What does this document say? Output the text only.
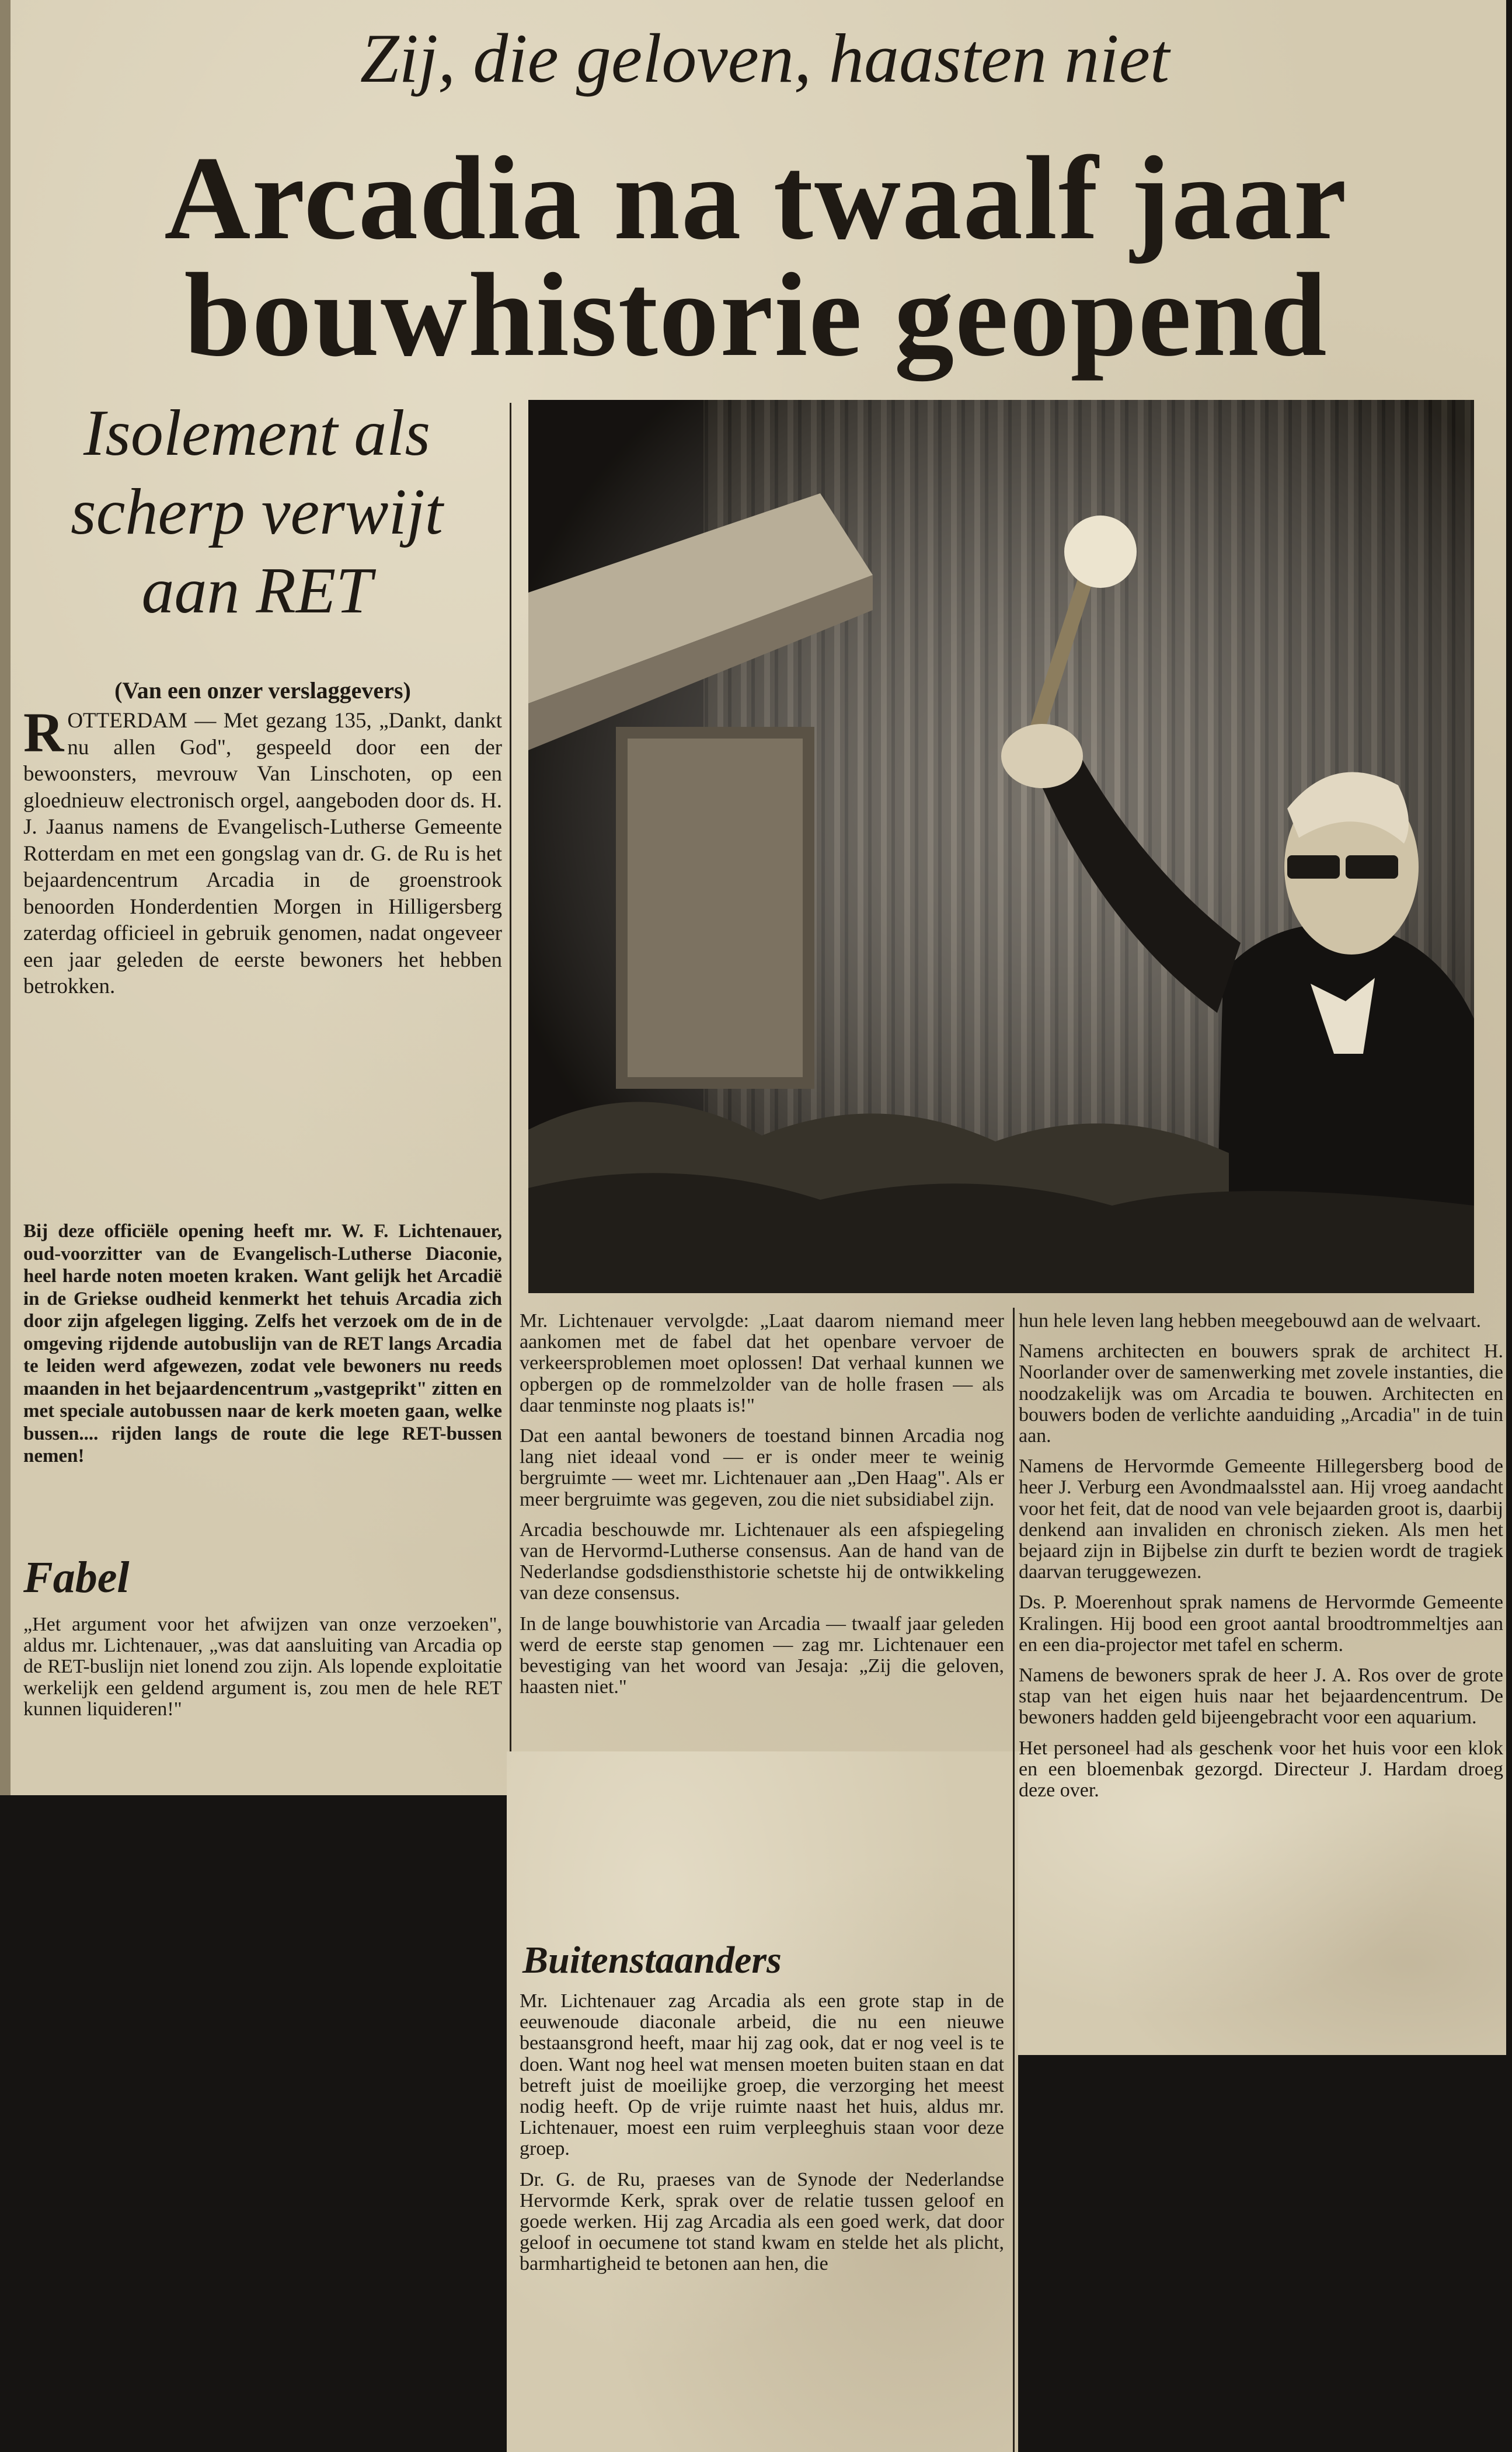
Zij, die geloven, haasten niet
Arcadia na twaalf jaar
bouwhistorie geopend
Isolement als
scherp verwijt
aan RET
(Van een onzer verslaggevers)
ROTTERDAM — Met gezang 135, „Dankt, dankt nu allen God", gespeeld door een der bewoonsters, mevrouw Van Linschoten, op een gloednieuw electronisch orgel, aangeboden door ds. H. J. Jaanus namens de Evangelisch-Lutherse Gemeente Rotterdam en met een gongslag van dr. G. de Ru is het bejaardencentrum Arcadia in de groenstrook benoorden Honderdentien Morgen in Hilligersberg zaterdag officieel in gebruik genomen, nadat ongeveer een jaar geleden de eerste bewoners het hebben betrokken.
Bij deze officiële opening heeft mr. W. F. Lichtenauer, oud-voorzitter van de Evangelisch-Lutherse Diaconie, heel harde noten moeten kraken. Want gelijk het Arcadië in de Griekse oudheid kenmerkt het tehuis Arcadia zich door zijn afgelegen ligging. Zelfs het verzoek om de in de omgeving rijdende autobuslijn van de RET langs Arcadia te leiden werd afgewezen, zodat vele bewoners nu reeds maanden in het bejaardencentrum „vastgeprikt" zitten en met speciale autobussen naar de kerk moeten gaan, welke bussen.... rijden langs de route die lege RET-bussen nemen!
Fabel
„Het argument voor het afwijzen van onze verzoeken", aldus mr. Lichtenauer, „was dat aansluiting van Arcadia op de RET-buslijn niet lonend zou zijn. Als lopende exploitatie werkelijk een geldend argument is, zou men de hele RET kunnen liquideren!"

Mr. Lichtenauer vervolgde: „Laat daarom niemand meer aankomen met de fabel dat het openbare vervoer de verkeersproblemen moet oplossen! Dat verhaal kunnen we opbergen op de rommelzolder van de holle frasen — als daar tenminste nog plaats is!"

Dat een aantal bewoners de toestand binnen Arcadia nog lang niet ideaal vond — er is onder meer te weinig bergruimte — weet mr. Lichtenauer aan „Den Haag". Als er meer bergruimte was gegeven, zou die niet subsidiabel zijn.

Arcadia beschouwde mr. Lichtenauer als een afspiegeling van de Hervormd-Lutherse consensus. Aan de hand van de Nederlandse godsdiensthistorie schetste hij de ontwikkeling van deze consensus.

In de lange bouwhistorie van Arcadia — twaalf jaar geleden werd de eerste stap genomen — zag mr. Lichtenauer een bevestiging van het woord van Jesaja: „Zij die geloven, haasten niet."

Buitenstaanders

Mr. Lichtenauer zag Arcadia als een grote stap in de eeuwenoude diaconale arbeid, die nu een nieuwe bestaansgrond heeft, maar hij zag ook, dat er nog veel is te doen. Want nog heel wat mensen moeten buiten staan en dat betreft juist de moeilijke groep, die verzorging het meest nodig heeft. Op de vrije ruimte naast het huis, aldus mr. Lichtenauer, moest een ruim verpleeghuis staan voor deze groep.

Dr. G. de Ru, praeses van de Synode der Nederlandse Hervormde Kerk, sprak over de relatie tussen geloof en goede werken. Hij zag Arcadia als een goed werk, dat door geloof in oecumene tot stand kwam en stelde het als plicht, barmhartigheid te betonen aan hen, die

hun hele leven lang hebben meegebouwd aan de welvaart.

Namens architecten en bouwers sprak de architect H. Noorlander over de samenwerking met zovele instanties, die noodzakelijk was om Arcadia te bouwen. Architecten en bouwers boden de verlichte aanduiding „Arcadia" in de tuin aan.

Namens de Hervormde Gemeente Hillegersberg bood de heer J. Verburg een Avondmaalsstel aan. Hij vroeg aandacht voor het feit, dat de nood van vele bejaarden groot is, daarbij denkend aan invaliden en chronisch zieken. Als men het bejaard zijn in Bijbelse zin durft te bezien wordt de tragiek daarvan teruggewezen.

Ds. P. Moerenhout sprak namens de Hervormde Gemeente Kralingen. Hij bood een groot aantal broodtrommeltjes aan en een dia-projector met tafel en scherm.

Namens de bewoners sprak de heer J. A. Ros over de grote stap van het eigen huis naar het bejaardencentrum. De bewoners hadden geld bijeengebracht voor een aquarium.

Het personeel had als geschenk voor het huis voor een klok en een bloemenbak gezorgd. Directeur J. Hardam droeg deze over.
